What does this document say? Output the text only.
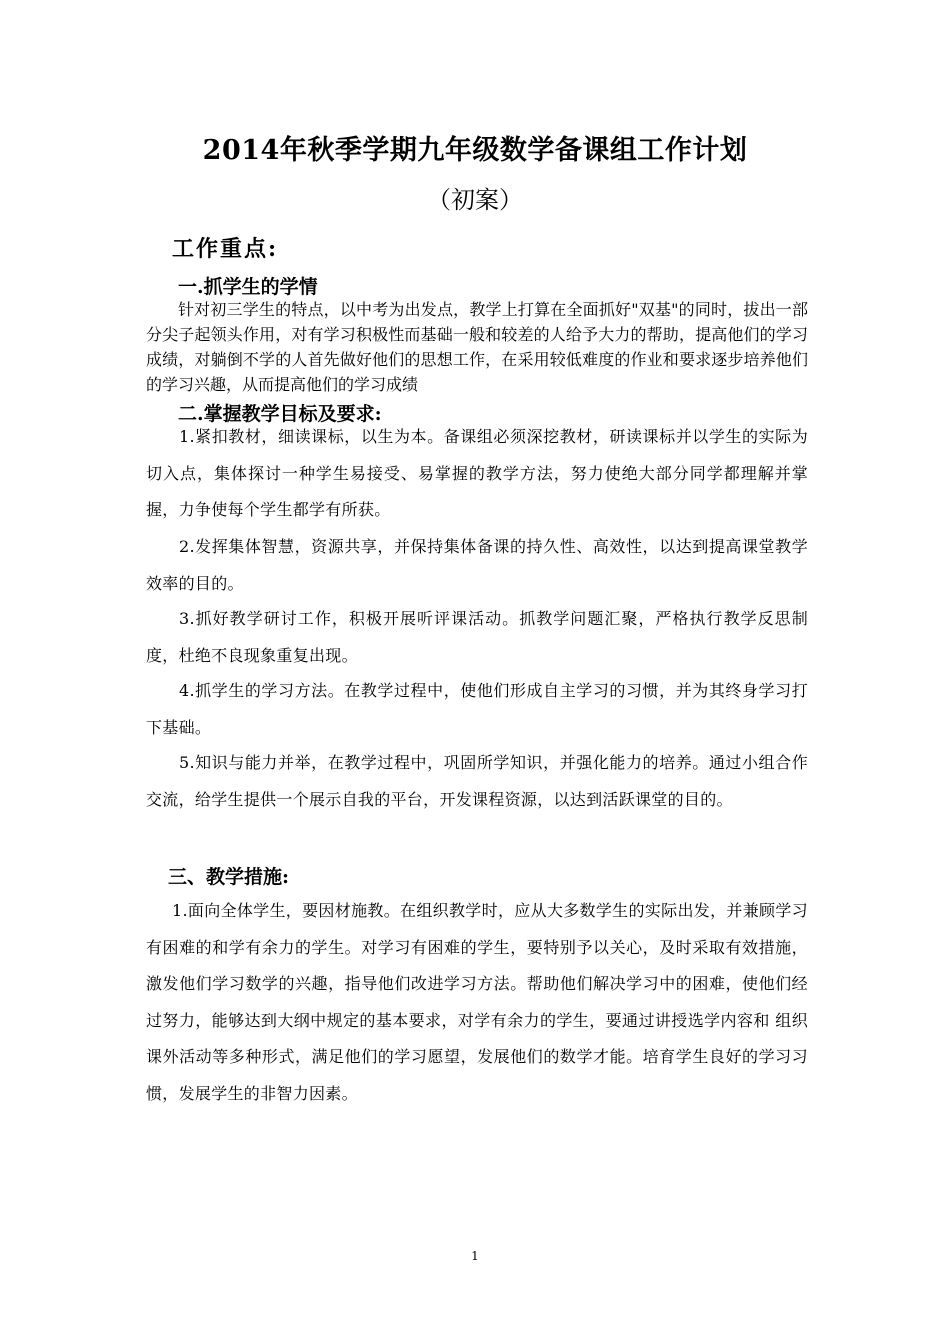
2014年秋季学期九年级数学备课组工作计划
（初案）
工作重点:
一.抓学生的学情
针对初三学生的特点，以中考为出发点，教学上打算在全面抓好"双基"的同时，拔出一部分尖子起领头作用，对有学习积极性而基础一般和较差的人给予大力的帮助，提高他们的学习成绩，对躺倒不学的人首先做好他们的思想工作，在采用较低难度的作业和要求逐步培养他们的学习兴趣，从而提高他们的学习成绩
二.掌握教学目标及要求:
1.紧扣教材，细读课标，以生为本。备课组必须深挖教材，研读课标并以学生的实际为切入点，集体探讨一种学生易接受、易掌握的教学方法，努力使绝大部分同学都理解并掌握，力争使每个学生都学有所获。
2.发挥集体智慧，资源共享，并保持集体备课的持久性、高效性，以达到提高课堂教学效率的目的。
3.抓好教学研讨工作，积极开展听评课活动。抓教学问题汇聚，严格执行教学反思制度，杜绝不良现象重复出现。
4.抓学生的学习方法。在教学过程中，使他们形成自主学习的习惯，并为其终身学习打下基础。
5.知识与能力并举，在教学过程中，巩固所学知识，并强化能力的培养。通过小组合作交流，给学生提供一个展示自我的平台，开发课程资源，以达到活跃课堂的目的。
三、教学措施:
1.面向全体学生，要因材施教。在组织教学时，应从大多数学生的实际出发，并兼顾学习有困难的和学有余力的学生。对学习有困难的学生，要特别予以关心，及时采取有效措施，激发他们学习数学的兴趣，指导他们改进学习方法。帮助他们解决学习中的困难，使他们经过努力，能够达到大纲中规定的基本要求，对学有余力的学生，要通过讲授选学内容和 组织课外活动等多种形式，满足他们的学习愿望，发展他们的数学才能。培育学生良好的学习习惯，发展学生的非智力因素。
1
